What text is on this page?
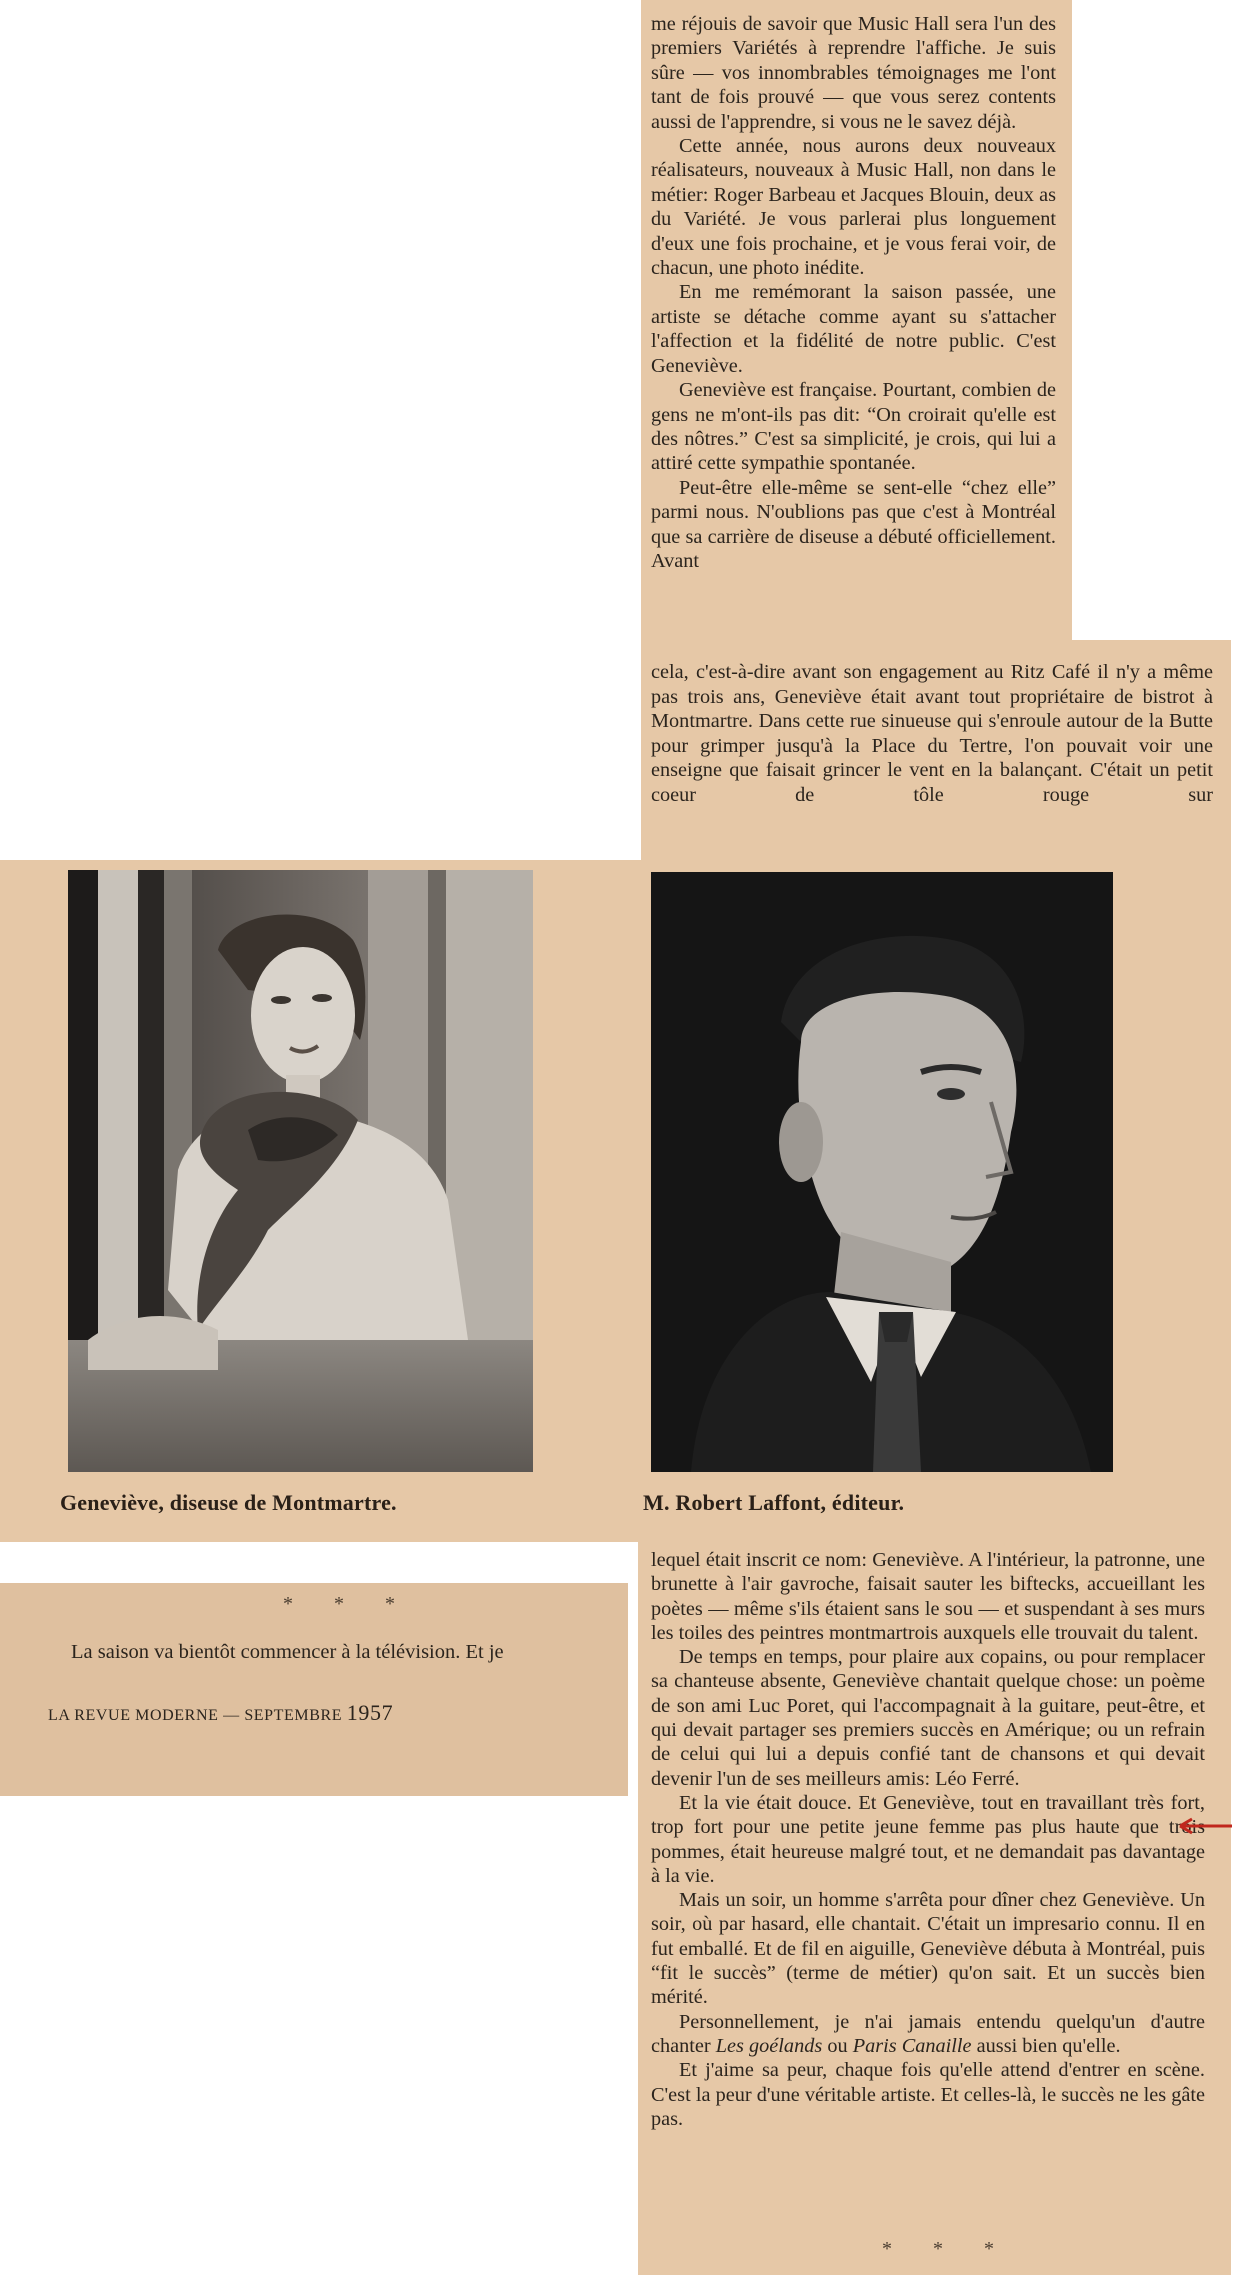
me réjouis de savoir que Music Hall sera l'un des premiers Variétés à reprendre l'affiche. Je suis sûre — vos innombrables témoignages me l'ont tant de fois prouvé — que vous serez contents aussi de l'apprendre, si vous ne le savez déjà.

Cette année, nous aurons deux nouveaux réalisateurs, nouveaux à Music Hall, non dans le métier: Roger Barbeau et Jacques Blouin, deux as du Variété. Je vous parlerai plus longuement d'eux une fois prochaine, et je vous ferai voir, de chacun, une photo inédite.

En me remémorant la saison passée, une artiste se détache comme ayant su s'attacher l'affection et la fidélité de notre public. C'est Geneviève.

Geneviève est française. Pourtant, combien de gens ne m'ont-ils pas dit: “On croirait qu'elle est des nôtres.” C'est sa simplicité, je crois, qui lui a attiré cette sympathie spontanée.

Peut-être elle-même se sent-elle “chez elle” parmi nous. N'oublions pas que c'est à Montréal que sa carrière de diseuse a débuté officiellement. Avant

cela, c'est-à-dire avant son engagement au Ritz Café il n'y a même pas trois ans, Geneviève était avant tout propriétaire de bistrot à Montmartre. Dans cette rue sinueuse qui s'enroule autour de la Butte pour grimper jusqu'à la Place du Tertre, l'on pouvait voir une enseigne que faisait grincer le vent en la balançant. C'était un petit coeur de tôle rouge sur

Geneviève, diseuse de Montmartre.	M. Robert Laffont, éditeur.
* * *
La saison va bientôt commencer à la télévision. Et je
LA REVUE MODERNE — SEPTEMBRE 1957

lequel était inscrit ce nom: Geneviève. A l'intérieur, la patronne, une brunette à l'air gavroche, faisait sauter les biftecks, accueillant les poètes — même s'ils étaient sans le sou — et suspendant à ses murs les toiles des peintres montmartrois auxquels elle trouvait du talent.

De temps en temps, pour plaire aux copains, ou pour remplacer sa chanteuse absente, Geneviève chantait quelque chose: un poème de son ami Luc Poret, qui l'accompagnait à la guitare, peut-être, et qui devait partager ses premiers succès en Amérique; ou un refrain de celui qui lui a depuis confié tant de chansons et qui devait devenir l'un de ses meilleurs amis: Léo Ferré.

Et la vie était douce. Et Geneviève, tout en travaillant très fort, trop fort pour une petite jeune femme pas plus haute que trois pommes, était heureuse malgré tout, et ne demandait pas davantage à la vie.

Mais un soir, un homme s'arrêta pour dîner chez Geneviève. Un soir, où par hasard, elle chantait. C'était un impresario connu. Il en fut emballé. Et de fil en aiguille, Geneviève débuta à Montréal, puis “fit le succès” (terme de métier) qu'on sait. Et un succès bien mérité.

Personnellement, je n'ai jamais entendu quelqu'un d'autre chanter Les goélands ou Paris Canaille aussi bien qu'elle.

Et j'aime sa peur, chaque fois qu'elle attend d'entrer en scène. C'est la peur d'une véritable artiste. Et celles-là, le succès ne les gâte pas.

* * *
